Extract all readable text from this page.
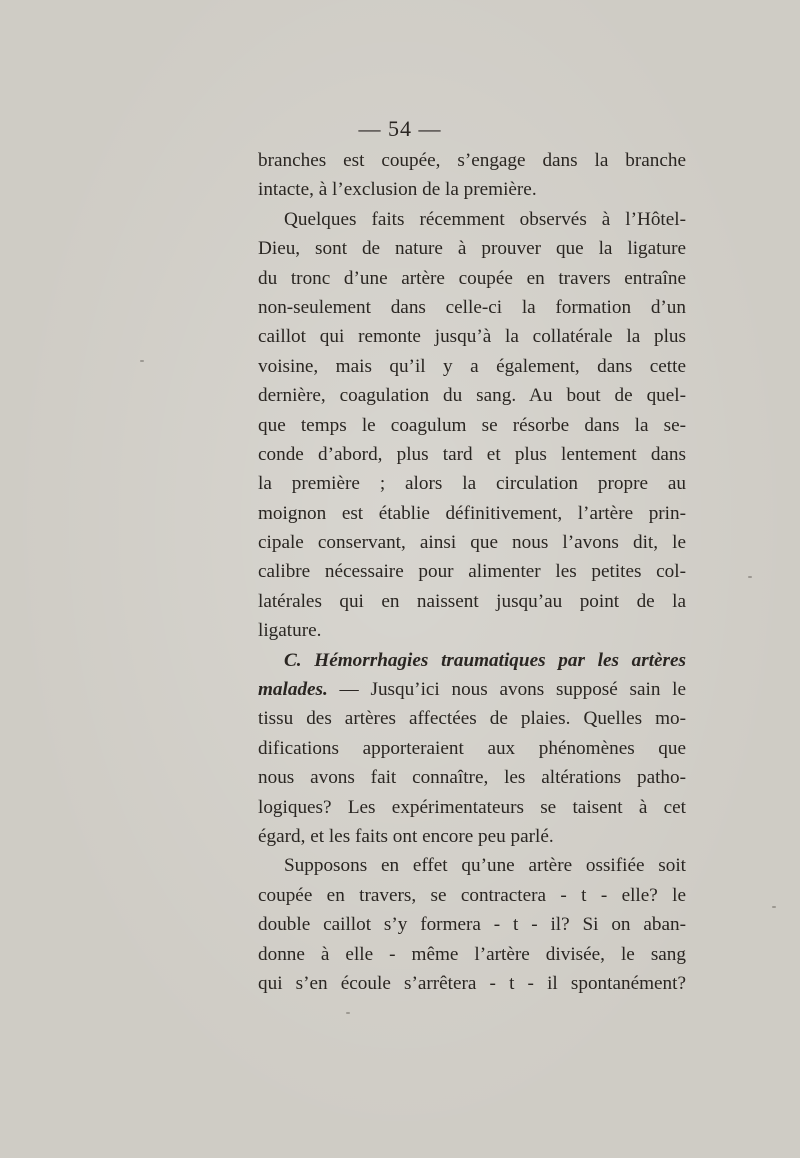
— 54 —
branches est coupée, s’engage dans la branche
intacte, à l’exclusion de la première.
Quelques faits récemment observés à l’Hôtel-
Dieu, sont de nature à prouver que la ligature
du tronc d’une artère coupée en travers entraîne
non-seulement dans celle-ci la formation d’un
caillot qui remonte jusqu’à la collatérale la plus
voisine, mais qu’il y a également, dans cette
dernière, coagulation du sang. Au bout de quel-
que temps le coagulum se résorbe dans la se-
conde d’abord, plus tard et plus lentement dans
la première ; alors la circulation propre au
moignon est établie définitivement, l’artère prin-
cipale conservant, ainsi que nous l’avons dit, le
calibre nécessaire pour alimenter les petites col-
latérales qui en naissent jusqu’au point de la
ligature.
C. Hémorrhagies traumatiques par les artères
malades. — Jusqu’ici nous avons supposé sain le
tissu des artères affectées de plaies. Quelles mo-
difications apporteraient aux phénomènes que
nous avons fait connaître, les altérations patho-
logiques? Les expérimentateurs se taisent à cet
égard, et les faits ont encore peu parlé.
Supposons en effet qu’une artère ossifiée soit
coupée en travers, se contractera - t - elle? le
double caillot s’y formera - t - il? Si on aban-
donne à elle - même l’artère divisée, le sang
qui s’en écoule s’arrêtera - t - il spontanément?
